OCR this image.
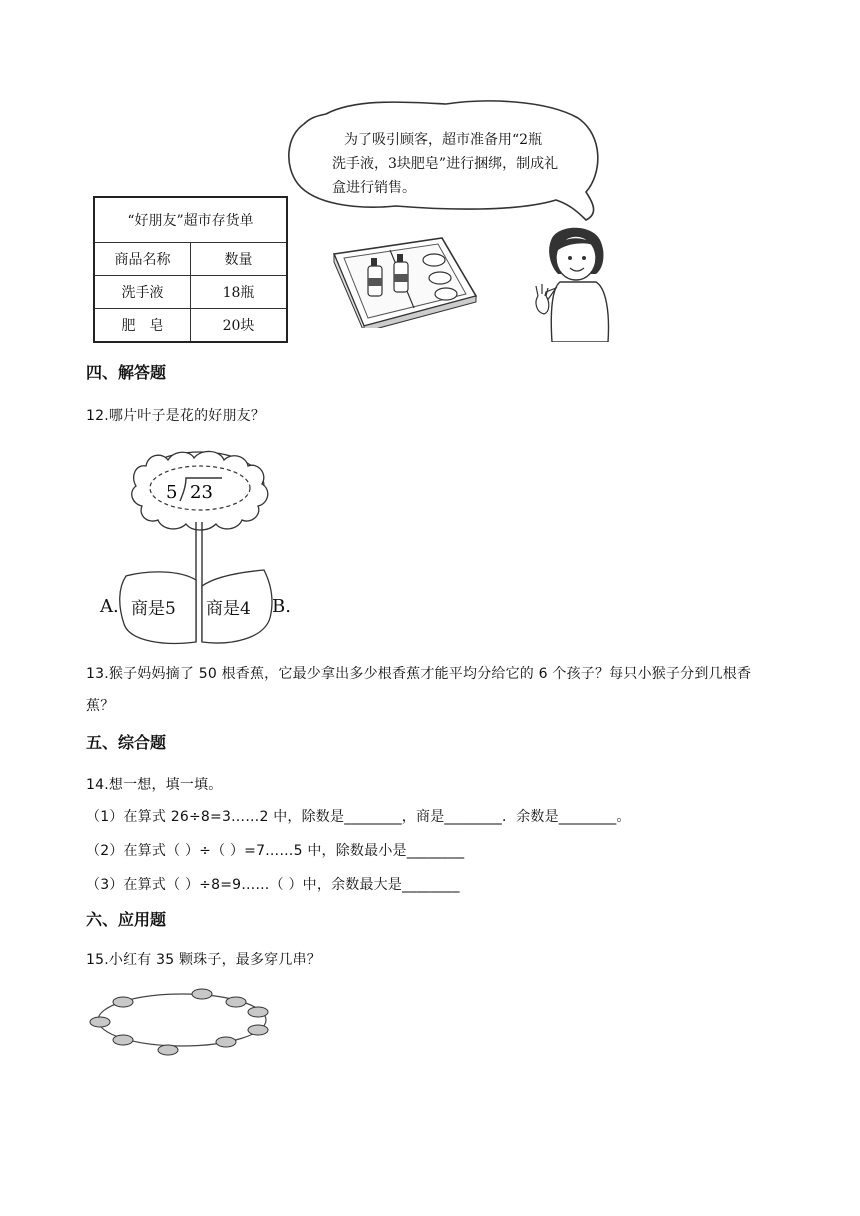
为了吸引顾客，超市准备用“2瓶
洗手液，3块肥皂”进行捆绑，制成礼
盒进行销售。
“好朋友”超市存货单	
商品名称	数量
洗手液	18瓶
肥　皂	20块
四、解答题
12.哪片叶子是花的好朋友？
5 23
A. 商是5 商是4 B.
13.猴子妈妈摘了 50 根香蕉，它最少拿出多少根香蕉才能平均分给它的 6 个孩子？每只小猴子分到几根香
蕉？
五、综合题
14.想一想，填一填。
（1）在算式 26÷8=3……2 中，除数是________，商是________．余数是________。
（2）在算式（ ）÷（ ）=7……5 中，除数最小是________
（3）在算式（ ）÷8=9……（ ）中，余数最大是________
六、应用题
15.小红有 35 颗珠子，最多穿几串？
